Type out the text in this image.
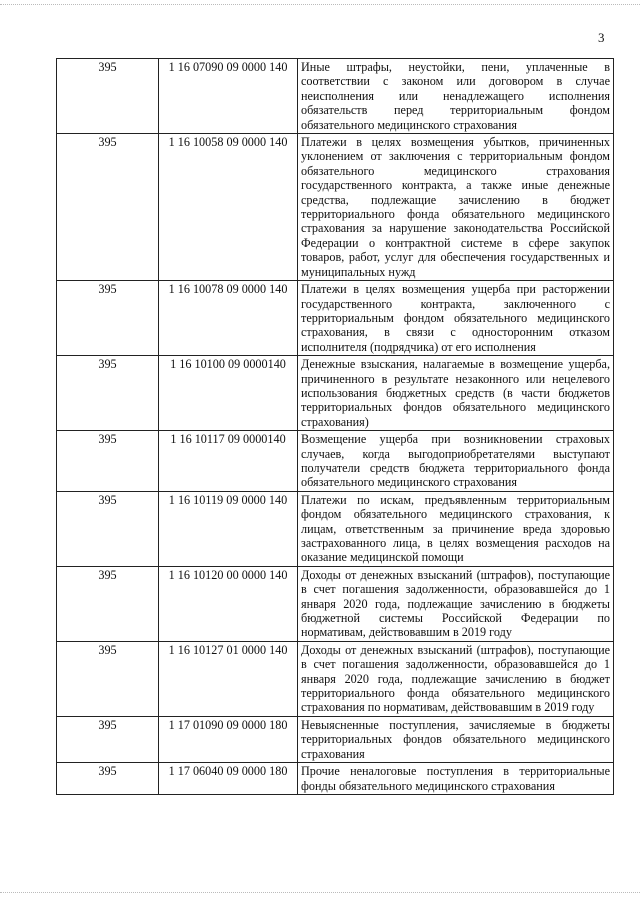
3
395	1 16 07090 09 0000 140	Иные штрафы, неустойки, пени, уплаченные в соответствии с законом или договором в случае неисполнения или ненадлежащего исполнения обязательств перед территориальным фондом обязательного медицинского страхования
395	1 16 10058 09 0000 140	Платежи в целях возмещения убытков, причиненных уклонением от заключения с территориальным фондом обязательного медицинского страхования государственного контракта, а также иные денежные средства, подлежащие зачислению в бюджет территориального фонда обязательного медицинского страхования за нарушение законодательства Российской Федерации о контрактной системе в сфере закупок товаров, работ, услуг для обеспечения государственных и муниципальных нужд
395	1 16 10078 09 0000 140	Платежи в целях возмещения ущерба при расторжении государственного контракта, заключенного с территориальным фондом обязательного медицинского страхования, в связи с односторонним отказом исполнителя (подрядчика) от его исполнения
395	1 16 10100 09 0000140	Денежные взыскания, налагаемые в возмещение ущерба, причиненного в результате незаконного или нецелевого использования бюджетных средств (в части бюджетов территориальных фондов обязательного медицинского страхования)
395	1 16 10117 09 0000140	Возмещение ущерба при возникновении страховых случаев, когда выгодоприобретателями выступают получатели средств бюджета территориального фонда обязательного медицинского страхования
395	1 16 10119 09 0000 140	Платежи по искам, предъявленным территориальным фондом обязательного медицинского страхования, к лицам, ответственным за причинение вреда здоровью застрахованного лица, в целях возмещения расходов на оказание медицинской помощи
395	1 16 10120 00 0000 140	Доходы от денежных взысканий (штрафов), поступающие в счет погашения задолженности, образовавшейся до 1 января 2020 года, подлежащие зачислению в бюджеты бюджетной системы Российской Федерации по нормативам, действовавшим в 2019 году
395	1 16 10127 01 0000 140	Доходы от денежных взысканий (штрафов), поступающие в счет погашения задолженности, образовавшейся до 1 января 2020 года, подлежащие зачислению в бюджет территориального фонда обязательного медицинского страхования по нормативам, действовавшим в 2019 году
395	1 17 01090 09 0000 180	Невыясненные поступления, зачисляемые в бюджеты территориальных фондов обязательного медицинского страхования
395	1 17 06040 09 0000 180	Прочие неналоговые поступления в территориальные фонды обязательного медицинского страхования
